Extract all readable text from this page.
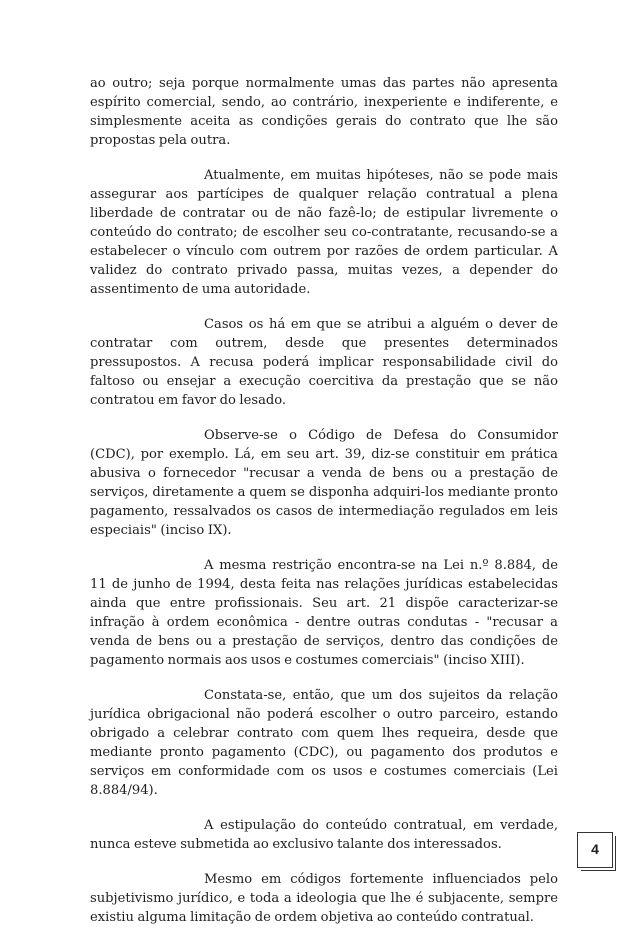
ao outro; seja porque normalmente umas das partes não apresenta espírito comercial, sendo, ao contrário, inexperiente e indiferente, e simplesmente aceita as condições gerais do contrato que lhe são propostas pela outra.

Atualmente, em muitas hipóteses, não se pode mais assegurar aos partícipes de qualquer relação contratual a plena liberdade de contratar ou de não fazê-lo; de estipular livremente o conteúdo do contrato; de escolher seu co-contratante, recusando-se a estabelecer o vínculo com outrem por razões de ordem particular. A validez do contrato privado passa, muitas vezes, a depender do assentimento de uma autoridade.

Casos os há em que se atribui a alguém o dever de contratar com outrem, desde que presentes determinados pressupostos. A recusa poderá implicar responsabilidade civil do faltoso ou ensejar a execução coercitiva da prestação que se não contratou em favor do lesado.

Observe-se o Código de Defesa do Consumidor (CDC), por exemplo. Lá, em seu art. 39, diz-se constituir em prática abusiva o fornecedor "recusar a venda de bens ou a prestação de serviços, diretamente a quem se disponha adquiri-los mediante pronto pagamento, ressalvados os casos de intermediação regulados em leis especiais" (inciso IX).

A mesma restrição encontra-se na Lei n.º 8.884, de 11 de junho de 1994, desta feita nas relações jurídicas estabelecidas ainda que entre profissionais. Seu art. 21 dispõe caracterizar-se infração à ordem econômica - dentre outras condutas - "recusar a venda de bens ou a prestação de serviços, dentro das condições de pagamento normais aos usos e costumes comerciais" (inciso XIII).

Constata-se, então, que um dos sujeitos da relação jurídica obrigacional não poderá escolher o outro parceiro, estando obrigado a celebrar contrato com quem lhes requeira, desde que mediante pronto pagamento (CDC), ou pagamento dos produtos e serviços em conformidade com os usos e costumes comerciais (Lei 8.884/94).

A estipulação do conteúdo contratual, em verdade, nunca esteve submetida ao exclusivo talante dos interessados.

Mesmo em códigos fortemente influenciados pelo subjetivismo jurídico, e toda a ideologia que lhe é subjacente, sempre existiu alguma limitação de ordem objetiva ao conteúdo contratual.

4
